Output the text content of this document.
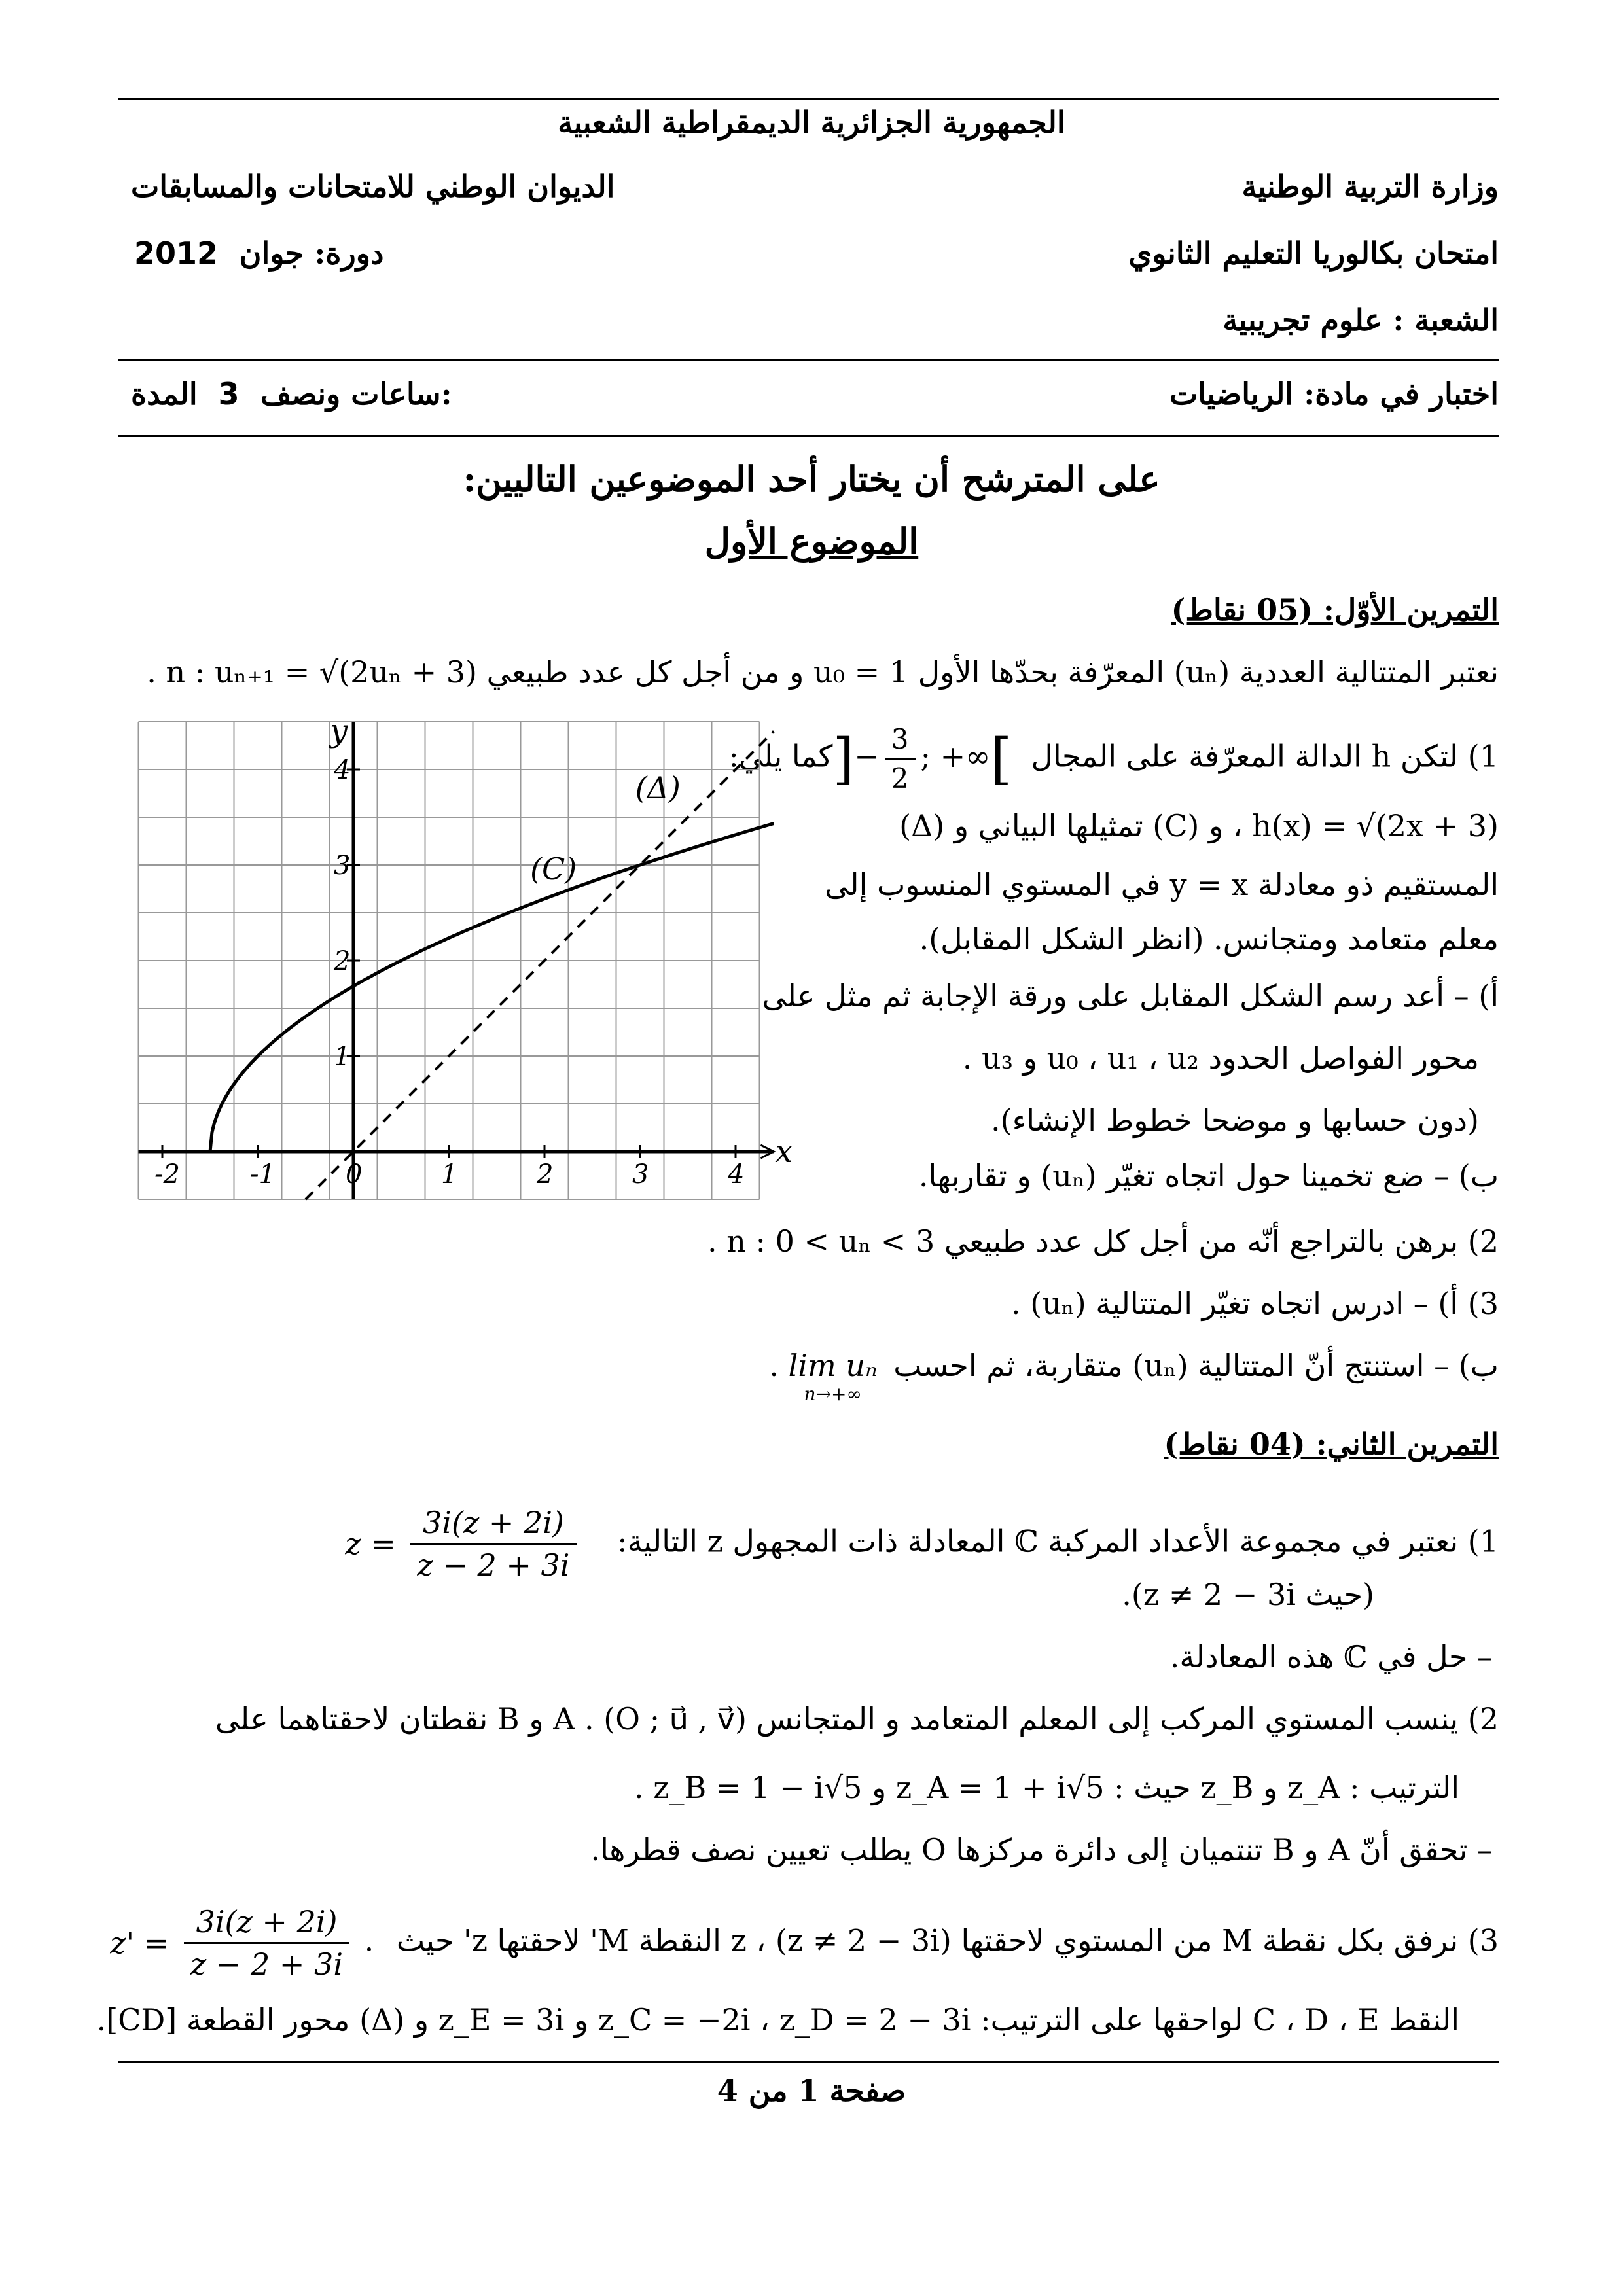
الجمهورية الجزائرية الديمقراطية الشعبية
وزارة التربية الوطنية
الديوان الوطني للامتحانات والمسابقات
امتحان بكالوريا التعليم الثانوي
2012 دورة: جوان
الشعبة : علوم تجريبية
اختبار في مادة: الرياضيات
ساعات ونصف 3 المدة:
على المترشح أن يختار أحد الموضوعين التاليين:
الموضوع الأول
التمرين الأوّل: (05 نقاط)
نعتبر المتتالية العددية (uₙ) المعرّفة بحدّها الأول u₀ = 1 و من أجل كل عدد طبيعي n : uₙ₊₁ = √(2uₙ + 3) .
1) لتكن h الدالة المعرّفة على المجال ]− $\frac{3}{2}$ ; +∞[ كما يلي:
h(x) = √(2x + 3) ، و (C) تمثيلها البياني و (Δ)
المستقيم ذو معادلة y = x في المستوي المنسوب إلى
معلم متعامد ومتجانس. (انظر الشكل المقابل).
أ) – أعد رسم الشكل المقابل على ورقة الإجابة ثم مثل على
محور الفواصل الحدود u₀ ، u₁ ، u₂ و u₃ .
(دون حسابها و موضحا خطوط الإنشاء).
ب) – ضع تخمينا حول اتجاه تغيّر (uₙ) و تقاربها.
2) برهن بالتراجع أنّه من أجل كل عدد طبيعي n : 0 < uₙ < 3 .
3) أ) – ادرس اتجاه تغيّر المتتالية (uₙ) .
ب) – استنتج أنّ المتتالية (uₙ) متقاربة، ثم احسب
lim uₙ
n→+∞
.
التمرين الثاني: (04 نقاط)
1) نعتبر في مجموعة الأعداد المركبة ℂ المعادلة ذات المجهول z التالية: $z = \frac{3i(z + 2i)}{z - 2 + 3i}$
(حيث z ≠ 2 − 3i).
– حل في ℂ هذه المعادلة.
2) ينسب المستوي المركب إلى المعلم المتعامد و المتجانس (O ; u⃗ , v⃗) . A و B نقطتان لاحقتاهما على
الترتيب : z_A و z_B حيث : z_A = 1 + i√5 و z_B = 1 − i√5 .
– تحقق أنّ A و B تنتميان إلى دائرة مركزها O يطلب تعيين نصف قطرها.
3) نرفق بكل نقطة M من المستوي لاحقتها z ، (z ≠ 2 − 3i) النقطة M' لاحقتها z' حيث $z' = \frac{3i(z + 2i)}{z - 2 + 3i}$ .
النقط C ، D ، E لواحقها على الترتيب: z_C = −2i ، z_D = 2 − 3i و z_E = 3i و (Δ) محور القطعة [CD].
صفحة 1 من 4
-2	-1	0	1	2	3	4
1
2
3
4
x
y
(C)
(Δ)
